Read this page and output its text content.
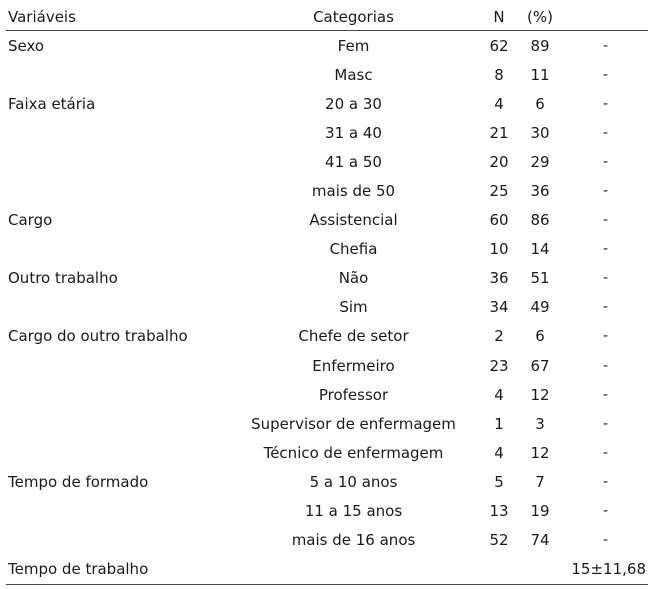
Variáveis	Categorias	N	(%)	
Sexo	Fem	62	89	-
	Masc	8	11	-
Faixa etária	20 a 30	4	6	-
	31 a 40	21	30	-
	41 a 50	20	29	-
	mais de 50	25	36	-
Cargo	Assistencial	60	86	-
	Chefia	10	14	-
Outro trabalho	Não	36	51	-
	Sim	34	49	-
Cargo do outro trabalho	Chefe de setor	2	6	-
	Enfermeiro	23	67	-
	Professor	4	12	-
	Supervisor de enfermagem	1	3	-
	Técnico de enfermagem	4	12	-
Tempo de formado	5 a 10 anos	5	7	-
	11 a 15 anos	13	19	-
	mais de 16 anos	52	74	-
Tempo de trabalho				15±11,68
